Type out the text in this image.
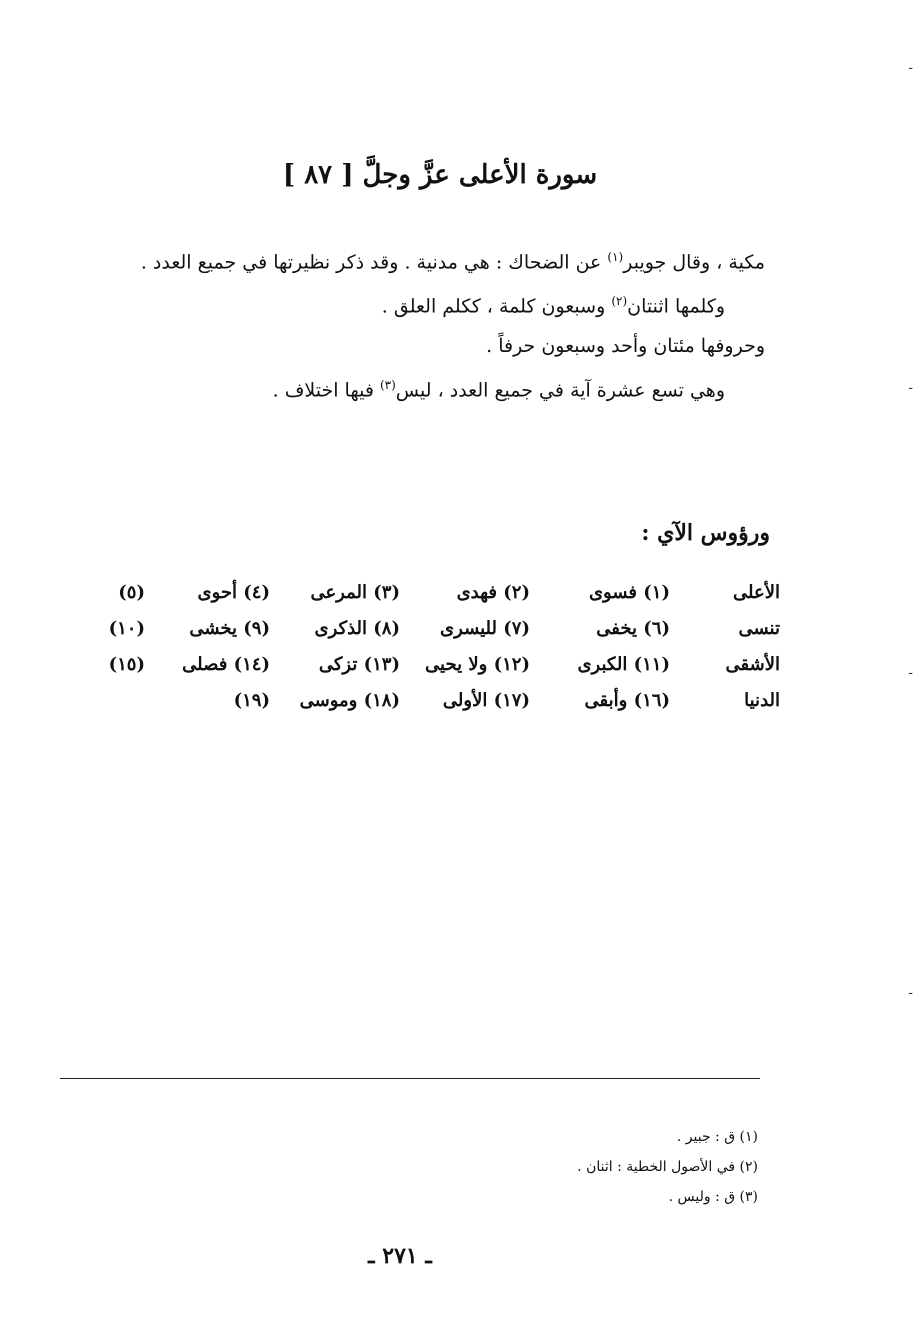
سورة الأعلى عزَّ وجلَّ [ ٨٧ ]

مكية ، وقال جويبر$^{(١)}$ عن الضحاك : هي مدنية . وقد ذكر نظيرتها في جميع العدد .

وكلمها اثنتان$^{(٢)}$ وسبعون كلمة ، ككلم العلق .

وحروفها مئتان وأحد وسبعون حرفاً .

وهي تسع عشرة آية في جميع العدد ، ليس$^{(٣)}$ فيها اختلاف .

ورؤوس الآي :
الأعلى
(١) فسوى
(٢) فهدى
(٣) المرعى
(٤) أحوى
(٥)
تنسى
(٦) يخفى
(٧) لليسرى
(٨) الذكرى
(٩) يخشى
(١٠)
الأشقى
(١١) الكبرى
(١٢) ولا يحيى
(١٣) تزكى
(١٤) فصلى
(١٥)
الدنيا
(١٦) وأبقى
(١٧) الأولى
(١٨) وموسى
(١٩)
(١) ق : جبير .
(٢) في الأصول الخطية : اثنان .
(٣) ق : وليس .
ـ ٢٧١ ـ
-
-
-
-
